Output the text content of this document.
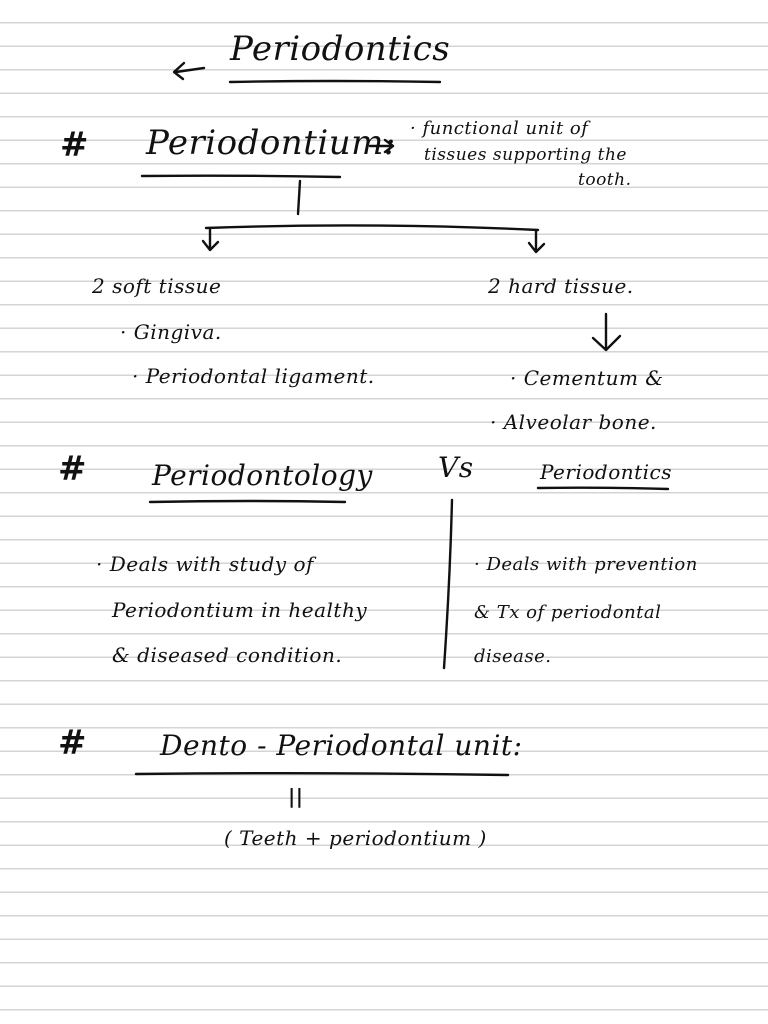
Periodontics
# Periodontium: · functional unit of
tissues supporting the
tooth.
2 soft tissue
· Gingiva.
· Periodontal ligament.
2 hard tissue.
· Cementum &
· Alveolar bone.
# Periodontology Vs	Periodontics
· Deals with study of
Periodontium in healthy
& diseased condition.
· Deals with prevention
& Tx of periodontal
disease.
#	Dento - Periodontal unit:
||
( Teeth + periodontium )
